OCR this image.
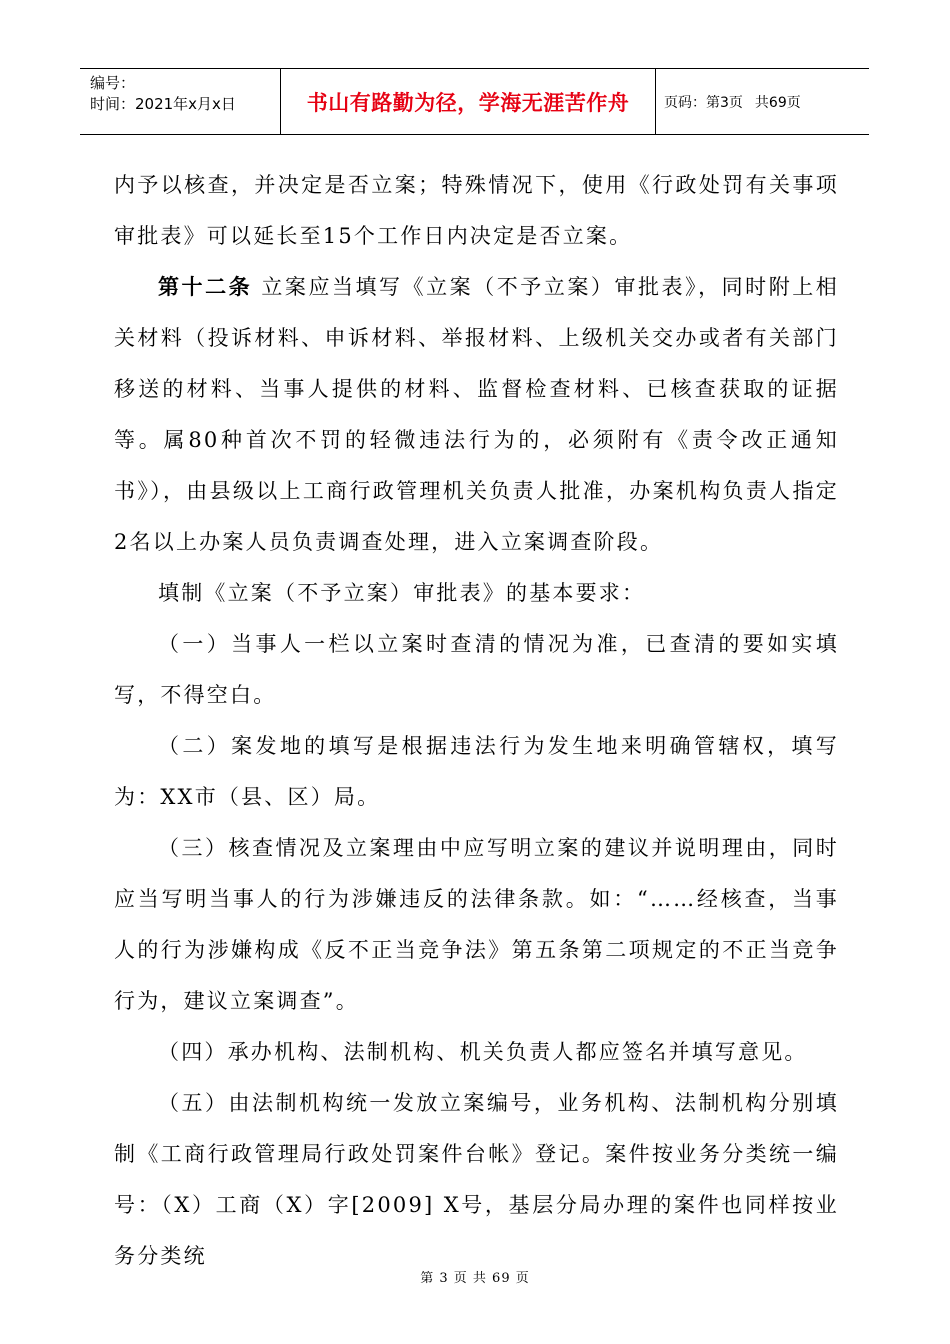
编号：
时间：2021年x月x日	书山有路勤为径，学海无涯苦作舟	页码：第3页 共69页

内予以核查，并决定是否立案；特殊情况下，使用《行政处罚有关事项审批表》可以延长至15个工作日内决定是否立案。

第十二条 立案应当填写《立案（不予立案）审批表》，同时附上相关材料（投诉材料、申诉材料、举报材料、上级机关交办或者有关部门移送的材料、当事人提供的材料、监督检查材料、已核查获取的证据等。属80种首次不罚的轻微违法行为的，必须附有《责令改正通知书》），由县级以上工商行政管理机关负责人批准，办案机构负责人指定2名以上办案人员负责调查处理，进入立案调查阶段。

填制《立案（不予立案）审批表》的基本要求：

（一）当事人一栏以立案时查清的情况为准，已查清的要如实填写，不得空白。

（二）案发地的填写是根据违法行为发生地来明确管辖权，填写为：XX市（县、区）局。

（三）核查情况及立案理由中应写明立案的建议并说明理由，同时应当写明当事人的行为涉嫌违反的法律条款。如：“……经核查，当事人的行为涉嫌构成《反不正当竞争法》第五条第二项规定的不正当竞争行为，建议立案调查”。

（四）承办机构、法制机构、机关负责人都应签名并填写意见。

（五）由法制机构统一发放立案编号，业务机构、法制机构分别填制《工商行政管理局行政处罚案件台帐》登记。案件按业务分类统一编号：（X）工商（X）字[2009] X号，基层分局办理的案件也同样按业务分类统

第 3 页 共 69 页
